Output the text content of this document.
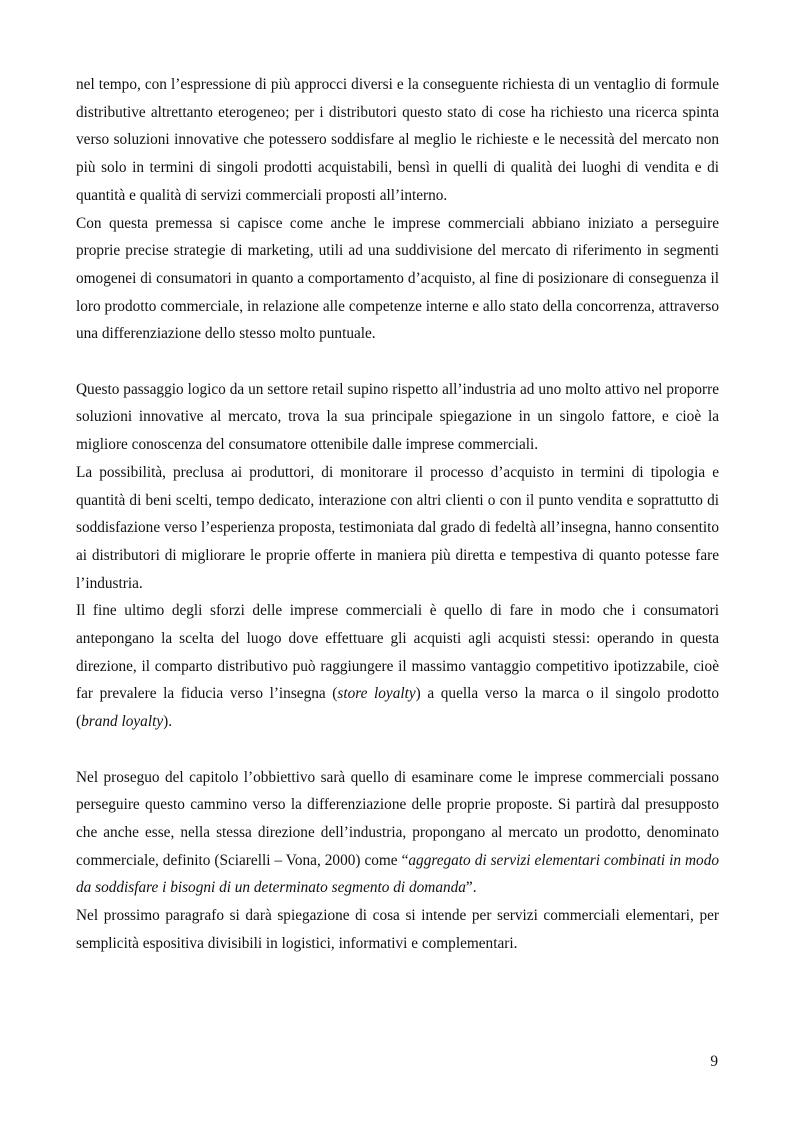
nel tempo, con l’espressione di più approcci diversi e la conseguente richiesta di un ventaglio di formule distributive altrettanto eterogeneo; per i distributori questo stato di cose ha richiesto una ricerca spinta verso soluzioni innovative che potessero soddisfare al meglio le richieste e le necessità del mercato non più solo in termini di singoli prodotti acquistabili, bensì in quelli di qualità dei luoghi di vendita e di quantità e qualità di servizi commerciali proposti all’interno.

Con questa premessa si capisce come anche le imprese commerciali abbiano iniziato a perseguire proprie precise strategie di marketing, utili ad una suddivisione del mercato di riferimento in segmenti omogenei di consumatori in quanto a comportamento d’acquisto, al fine di posizionare di conseguenza il loro prodotto commerciale, in relazione alle competenze interne e allo stato della concorrenza, attraverso una differenziazione dello stesso molto puntuale.

Questo passaggio logico da un settore retail supino rispetto all’industria ad uno molto attivo nel proporre soluzioni innovative al mercato, trova la sua principale spiegazione in un singolo fattore, e cioè la migliore conoscenza del consumatore ottenibile dalle imprese commerciali.

La possibilità, preclusa ai produttori, di monitorare il processo d’acquisto in termini di tipologia e quantità di beni scelti, tempo dedicato, interazione con altri clienti o con il punto vendita e soprattutto di soddisfazione verso l’esperienza proposta, testimoniata dal grado di fedeltà all’insegna, hanno consentito ai distributori di migliorare le proprie offerte in maniera più diretta e tempestiva di quanto potesse fare l’industria.

Il fine ultimo degli sforzi delle imprese commerciali è quello di fare in modo che i consumatori antepongano la scelta del luogo dove effettuare gli acquisti agli acquisti stessi: operando in questa direzione, il comparto distributivo può raggiungere il massimo vantaggio competitivo ipotizzabile, cioè far prevalere la fiducia verso l’insegna (store loyalty) a quella verso la marca o il singolo prodotto (brand loyalty).

Nel proseguo del capitolo l’obbiettivo sarà quello di esaminare come le imprese commerciali possano perseguire questo cammino verso la differenziazione delle proprie proposte. Si partirà dal presupposto che anche esse, nella stessa direzione dell’industria, propongano al mercato un prodotto, denominato commerciale, definito (Sciarelli – Vona, 2000) come “aggregato di servizi elementari combinati in modo da soddisfare i bisogni di un determinato segmento di domanda”.

Nel prossimo paragrafo si darà spiegazione di cosa si intende per servizi commerciali elementari, per semplicità espositiva divisibili in logistici, informativi e complementari.

9
